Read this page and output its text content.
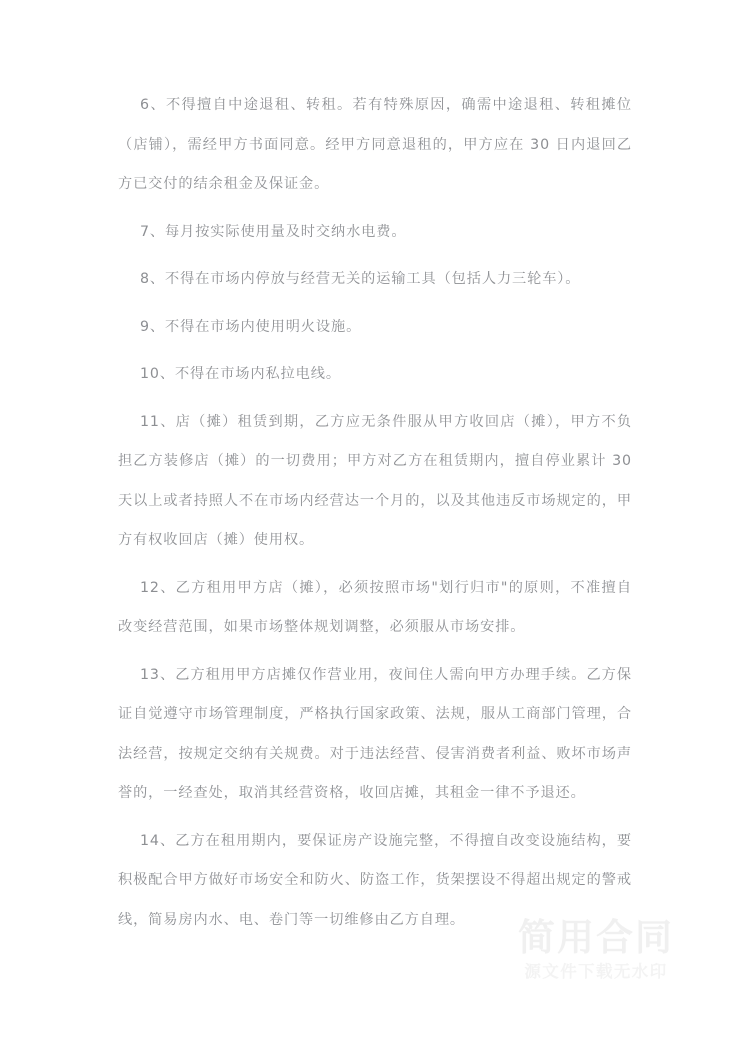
6、不得擅自中途退租、转租。若有特殊原因，确需中途退租、转租摊位（店铺），需经甲方书面同意。经甲方同意退租的，甲方应在 30 日内退回乙方已交付的结余租金及保证金。

7、每月按实际使用量及时交纳水电费。

8、不得在市场内停放与经营无关的运输工具（包括人力三轮车）。

9、不得在市场内使用明火设施。

10、不得在市场内私拉电线。

11、店（摊）租赁到期，乙方应无条件服从甲方收回店（摊），甲方不负担乙方装修店（摊）的一切费用；甲方对乙方在租赁期内，擅自停业累计 30 天以上或者持照人不在市场内经营达一个月的，以及其他违反市场规定的，甲方有权收回店（摊）使用权。

12、乙方租用甲方店（摊），必须按照市场"划行归市"的原则，不准擅自改变经营范围，如果市场整体规划调整，必须服从市场安排。

13、乙方租用甲方店摊仅作营业用，夜间住人需向甲方办理手续。乙方保证自觉遵守市场管理制度，严格执行国家政策、法规，服从工商部门管理，合法经营，按规定交纳有关规费。对于违法经营、侵害消费者利益、败坏市场声誉的，一经查处，取消其经营资格，收回店摊，其租金一律不予退还。

14、乙方在租用期内，要保证房产设施完整，不得擅自改变设施结构，要积极配合甲方做好市场安全和防火、防盗工作，货架摆设不得超出规定的警戒线，简易房内水、电、卷门等一切维修由乙方自理。	简用合同
源文件下载无水印
